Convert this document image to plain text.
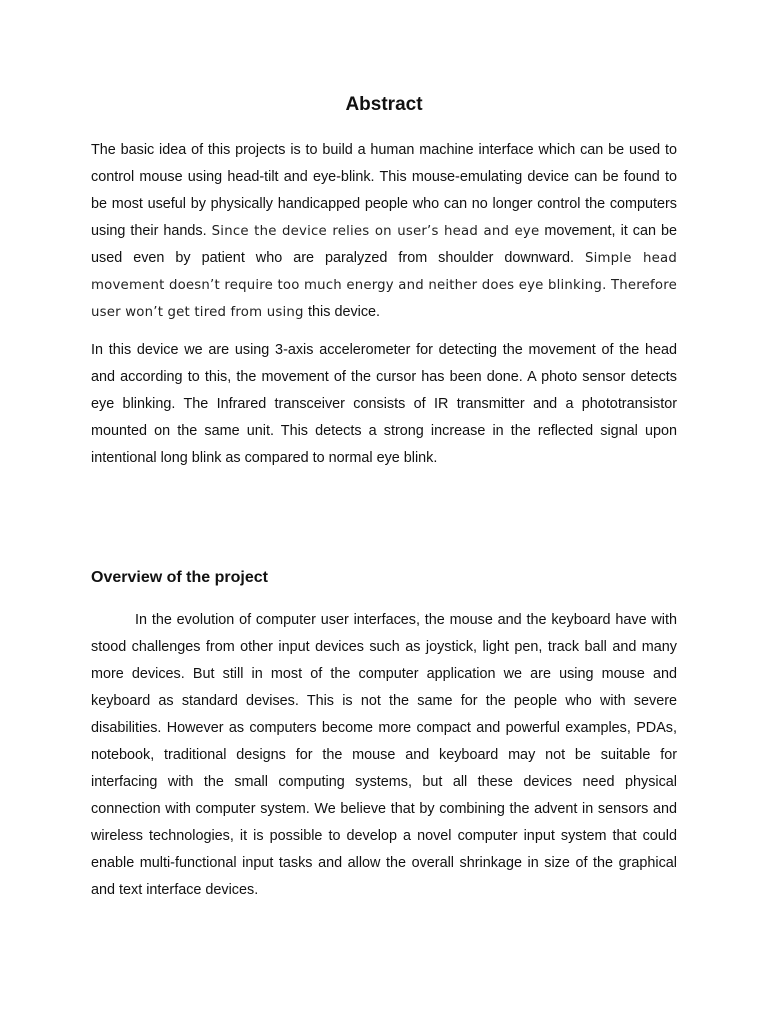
Abstract

The basic idea of this projects is to build a human machine interface which can be used to control mouse using head-tilt and eye-blink. This mouse-emulating device can be found to be most useful by physically handicapped people who can no longer control the computers using their hands. Since the device relies on user’s head and eye movement, it can be used even by patient who are paralyzed from shoulder downward. Simple head movement doesn’t require too much energy and neither does eye blinking. Therefore user won’t get tired from using this device.

In this device we are using 3-axis accelerometer for detecting the movement of the head and according to this, the movement of the cursor has been done. A photo sensor detects eye blinking. The Infrared transceiver consists of IR transmitter and a phototransistor mounted on the same unit. This detects a strong increase in the reflected signal upon intentional long blink as compared to normal eye blink.

Overview of the project

In the evolution of computer user interfaces, the mouse and the keyboard have with stood challenges from other input devices such as joystick, light pen, track ball and many more devices. But still in most of the computer application we are using mouse and keyboard as standard devises. This is not the same for the people who with severe disabilities. However as computers become more compact and powerful examples, PDAs, notebook, traditional designs for the mouse and keyboard may not be suitable for interfacing with the small computing systems, but all these devices need physical connection with computer system. We believe that by combining the advent in sensors and wireless technologies, it is possible to develop a novel computer input system that could enable multi-functional input tasks and allow the overall shrinkage in size of the graphical and text interface devices.
